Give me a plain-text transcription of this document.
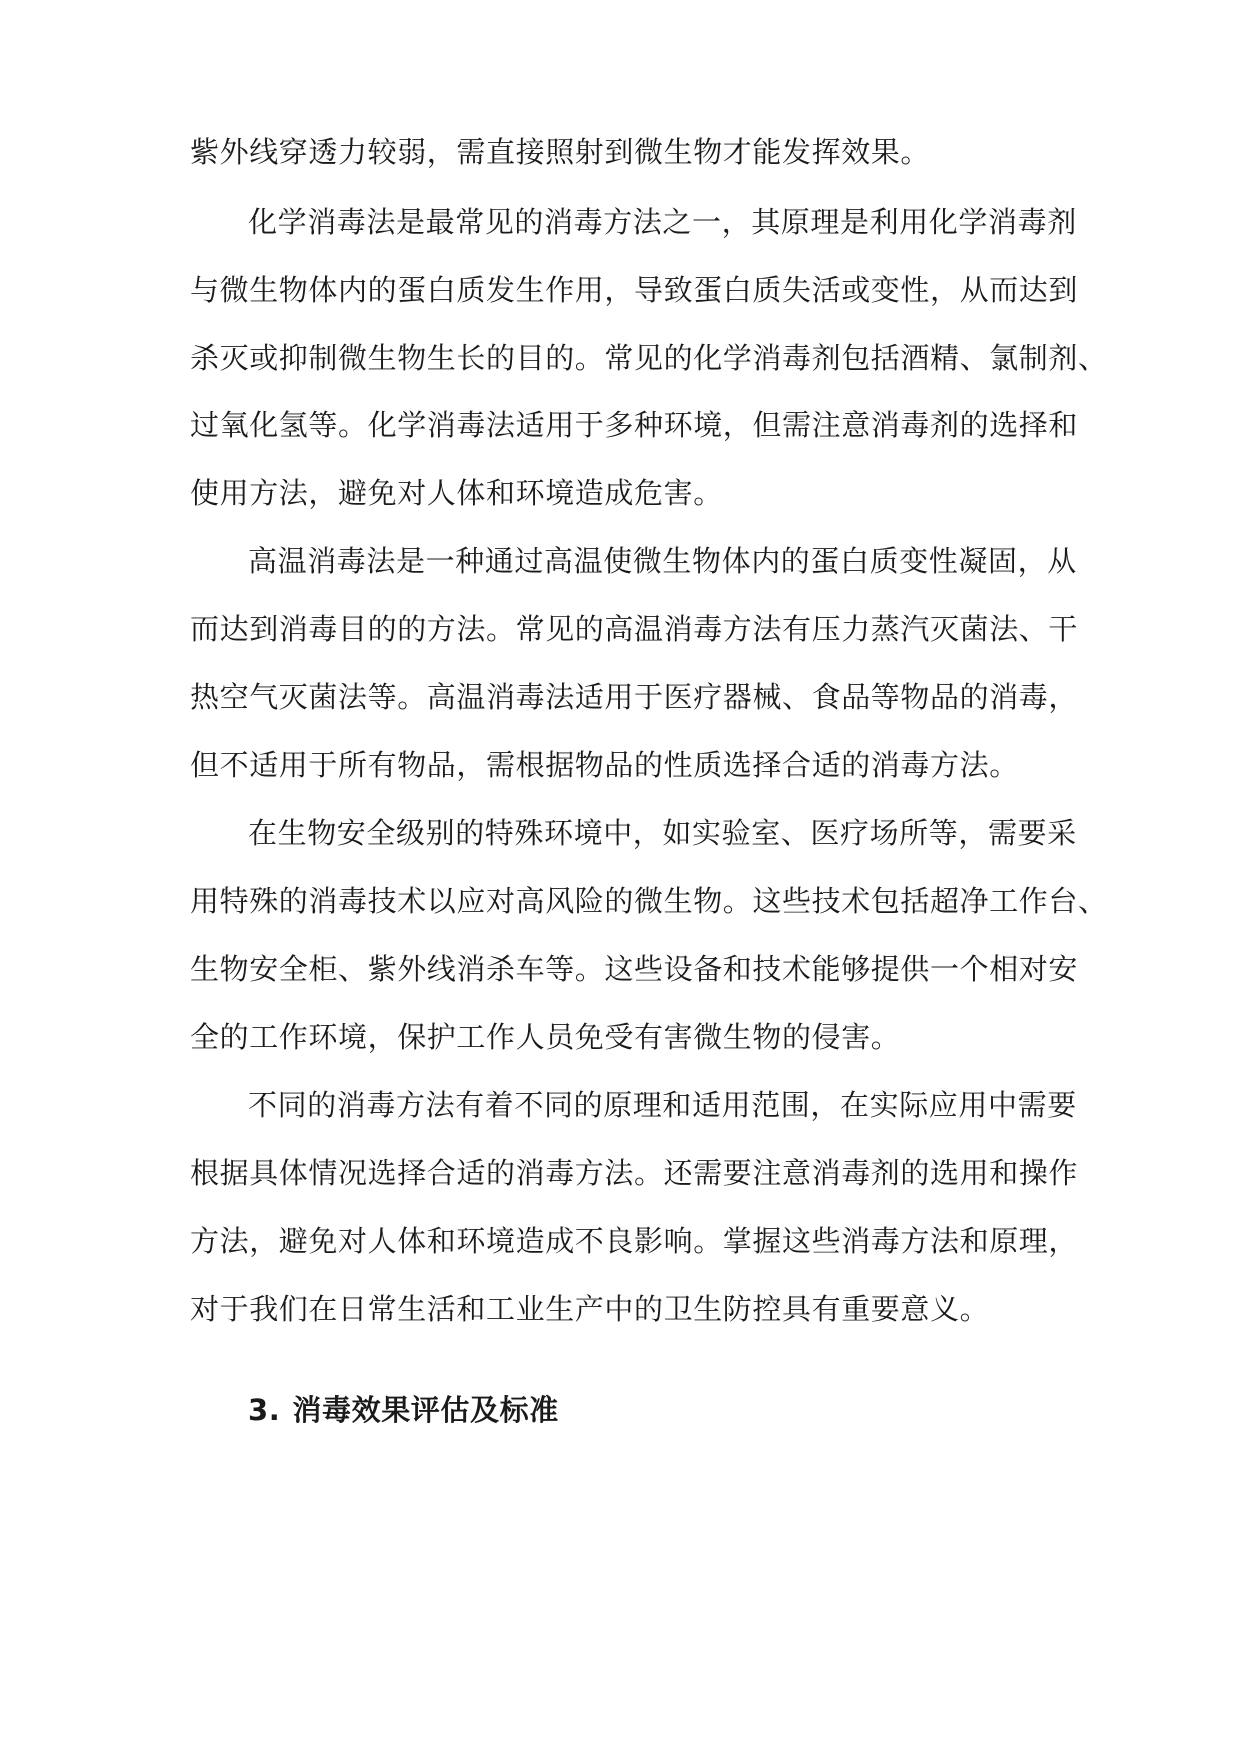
紫外线穿透力较弱，需直接照射到微生物才能发挥效果。

化学消毒法是最常见的消毒方法之一，其原理是利用化学消毒剂

与微生物体内的蛋白质发生作用，导致蛋白质失活或变性，从而达到

杀灭或抑制微生物生长的目的。常见的化学消毒剂包括酒精、氯制剂、

过氧化氢等。化学消毒法适用于多种环境，但需注意消毒剂的选择和

使用方法，避免对人体和环境造成危害。

高温消毒法是一种通过高温使微生物体内的蛋白质变性凝固，从

而达到消毒目的的方法。常见的高温消毒方法有压力蒸汽灭菌法、干

热空气灭菌法等。高温消毒法适用于医疗器械、食品等物品的消毒，

但不适用于所有物品，需根据物品的性质选择合适的消毒方法。

在生物安全级别的特殊环境中，如实验室、医疗场所等，需要采

用特殊的消毒技术以应对高风险的微生物。这些技术包括超净工作台、

生物安全柜、紫外线消杀车等。这些设备和技术能够提供一个相对安

全的工作环境，保护工作人员免受有害微生物的侵害。

不同的消毒方法有着不同的原理和适用范围，在实际应用中需要

根据具体情况选择合适的消毒方法。还需要注意消毒剂的选用和操作

方法，避免对人体和环境造成不良影响。掌握这些消毒方法和原理，

对于我们在日常生活和工业生产中的卫生防控具有重要意义。

3. 消毒效果评估及标准
